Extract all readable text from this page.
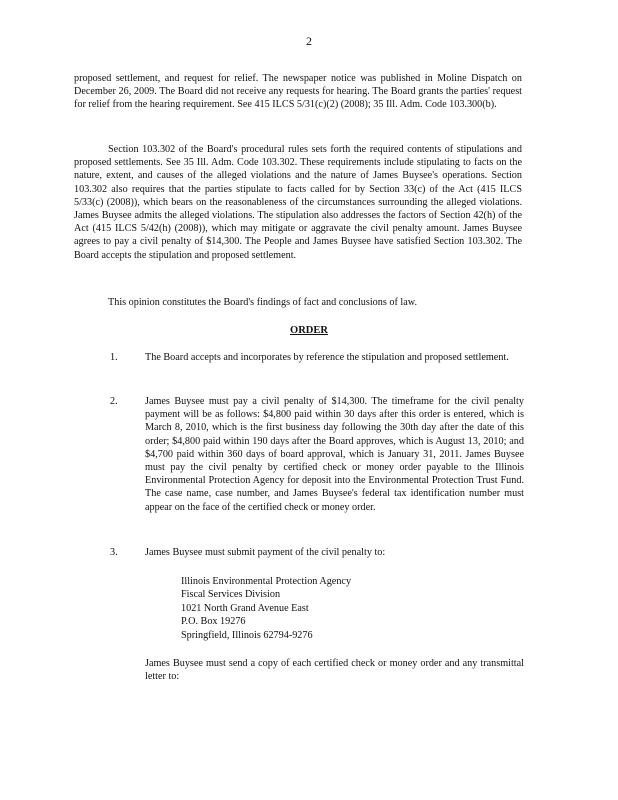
2
proposed settlement, and request for relief. The newspaper notice was published in Moline Dispatch on December 26, 2009. The Board did not receive any requests for hearing. The Board grants the parties' request for relief from the hearing requirement. See 415 ILCS 5/31(c)(2) (2008); 35 Ill. Adm. Code 103.300(b).
Section 103.302 of the Board's procedural rules sets forth the required contents of stipulations and proposed settlements. See 35 Ill. Adm. Code 103.302. These requirements include stipulating to facts on the nature, extent, and causes of the alleged violations and the nature of James Buysee's operations. Section 103.302 also requires that the parties stipulate to facts called for by Section 33(c) of the Act (415 ILCS 5/33(c) (2008)), which bears on the reasonableness of the circumstances surrounding the alleged violations. James Buysee admits the alleged violations. The stipulation also addresses the factors of Section 42(h) of the Act (415 ILCS 5/42(h) (2008)), which may mitigate or aggravate the civil penalty amount. James Buysee agrees to pay a civil penalty of $14,300. The People and James Buysee have satisfied Section 103.302. The Board accepts the stipulation and proposed settlement.
This opinion constitutes the Board's findings of fact and conclusions of law.
ORDER
1.	The Board accepts and incorporates by reference the stipulation and proposed settlement.
2.	James Buysee must pay a civil penalty of $14,300. The timeframe for the civil penalty payment will be as follows: $4,800 paid within 30 days after this order is entered, which is March 8, 2010, which is the first business day following the 30th day after the date of this order; $4,800 paid within 190 days after the Board approves, which is August 13, 2010; and $4,700 paid within 360 days of board approval, which is January 31, 2011. James Buysee must pay the civil penalty by certified check or money order payable to the Illinois Environmental Protection Agency for deposit into the Environmental Protection Trust Fund. The case name, case number, and James Buysee's federal tax identification number must appear on the face of the certified check or money order.
3.	James Buysee must submit payment of the civil penalty to:
Illinois Environmental Protection Agency
Fiscal Services Division
1021 North Grand Avenue East
P.O. Box 19276
Springfield, Illinois 62794-9276
James Buysee must send a copy of each certified check or money order and any transmittal letter to:
